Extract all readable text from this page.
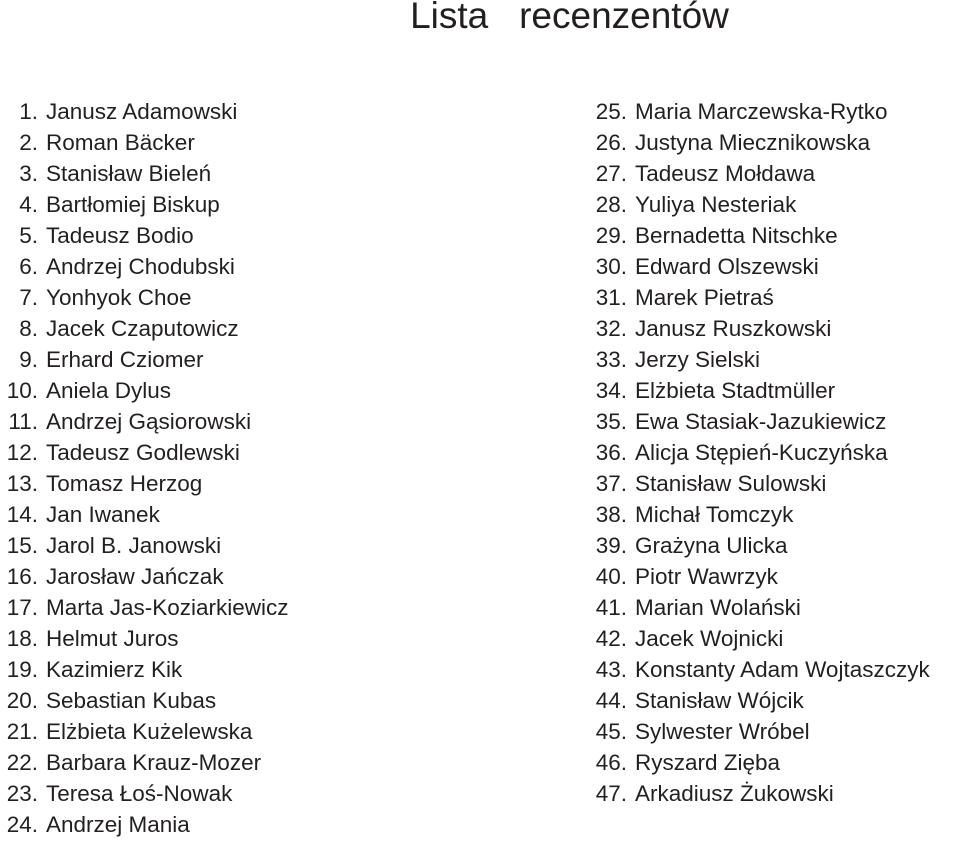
Lista   recenzentów
1. Janusz Adamowski
2. Roman Bäcker
3. Stanisław Bieleń
4. Bartłomiej Biskup
5. Tadeusz Bodio
6. Andrzej Chodubski
7. Yonhyok Choe
8. Jacek Czaputowicz
9. Erhard Cziomer
10. Aniela Dylus
11. Andrzej Gąsiorowski
12. Tadeusz Godlewski
13. Tomasz Herzog
14. Jan Iwanek
15. Jarol B. Janowski
16. Jarosław Jańczak
17. Marta Jas-Koziarkiewicz
18. Helmut Juros
19. Kazimierz Kik
20. Sebastian Kubas
21. Elżbieta Kużelewska
22. Barbara Krauz-Mozer
23. Teresa Łoś-Nowak
24. Andrzej Mania
25. Maria Marczewska-Rytko
26. Justyna Miecznikowska
27. Tadeusz Mołdawa
28. Yuliya Nesteriak
29. Bernadetta Nitschke
30. Edward Olszewski
31. Marek Pietraś
32. Janusz Ruszkowski
33. Jerzy Sielski
34. Elżbieta Stadtmüller
35. Ewa Stasiak-Jazukiewicz
36. Alicja Stępień-Kuczyńska
37. Stanisław Sulowski
38. Michał Tomczyk
39. Grażyna Ulicka
40. Piotr Wawrzyk
41. Marian Wolański
42. Jacek Wojnicki
43. Konstanty Adam Wojtaszczyk
44. Stanisław Wójcik
45. Sylwester Wróbel
46. Ryszard Zięba
47. Arkadiusz Żukowski
